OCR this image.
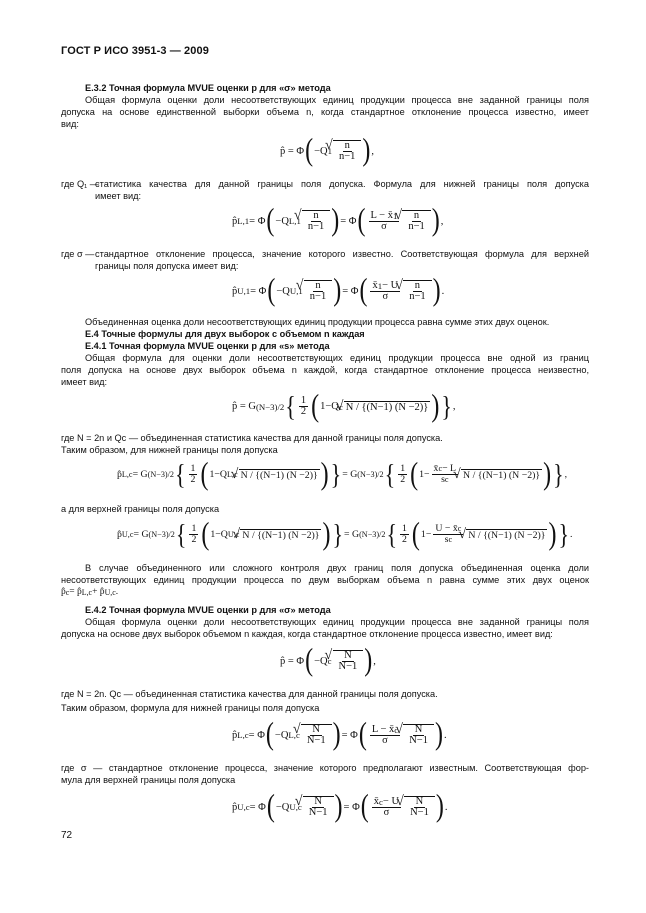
ГОСТ Р ИСО 3951-3 — 2009
E.3.2 Точная формула MVUE оценки p для «σ» метода
Общая формула оценки доли несоответствующих единиц продукции процесса вне заданной границы поля
допуска на основе единственной выборки объема n, когда стандартное отклонение процесса известно, имеет
вид:
p̂ = Φ ( −Q 1 √ n
n−1 ) ,
где Q₁ —
статистика качества для данной границы поля допуска. Формула для нижней границы поля допуска
имеет вид:
p̂ L,1 = Φ ( −Q L,1 √ n
n−1 ) = Φ ( L − x̄ 1
σ
√ n
n−1 ) ,
где σ — стандартное отклонение процесса, значение которого известно. Соответствующая формула для верхней
границы поля допуска имеет вид:
p̂ U,1 = Φ ( −Q U,1 √ n
n−1 ) = Φ ( x̄ 1 − U
σ
√ n
n−1 ) .
Объединенная оценка доли несоответствующих единиц продукции процесса равна сумме этих двух оценок.
E.4 Точные формулы для двух выборок с объемом n каждая
E.4.1 Точная формула MVUE оценки p для «s» метода
Общая формула для оценки доли несоответствующих единиц продукции процесса вне одной из границ
поля допуска на основе двух выборок объема n каждой, когда стандартное отклонение процесса неизвестно,
имеет вид:
p̂ = G (N−3)/2 { 1
2 ( 1−Q c √ N / {(N−1) (N −2)} ) } ,
где N = 2n и Qc — объединенная статистика качества для данной границы поля допуска.
Таким образом, для нижней границы поля допуска
p̂ L,c = G (N−3)/2 { 1
2 ( 1−Q L,c √ N / {(N−1) (N −2)} ) } = G (N−3)/2 { 1
2 ( $1- \frac{x̄ c - L}{\text{s c}}$ √ N / {(N−1) (N −2)} ) } ,
а для верхней границы поля допуска
p̂ U,c = G (N−3)/2 { 1
2 ( 1−Q U,c √ N / {(N−1) (N −2)} ) } = G (N−3)/2 { 1
2 ( $1- \frac{U - x̄ c}{\text{s c}}$ √ N / {(N−1) (N −2)} ) } .
В случае объединенного или сложного контроля двух границ поля допуска объединенная оценка доли
несоответствующих единиц продукции процесса по двум выборкам объема n равна сумме этих двух оценок
p̂ c = p̂ L,c + p̂ U,c .
E.4.2 Точная формула MVUE оценки p для «σ» метода
Общая формула оценки доли несоответствующих единиц продукции процесса вне заданной границы поля
допуска на основе двух выборок объемом n каждая, когда стандартное отклонение процесса известно, имеет вид:
p̂ = Φ ( −Q c √ N
N−1 ) ,
где N = 2n. Qc — объединенная статистика качества для данной границы поля допуска.
Таким образом, формула для нижней границы поля допуска
p̂ L,c = Φ ( −Q L,c √ N
N−1 ) = Φ ( L − x̄ c
σ
√ N
N−1 ) .
где σ — стандартное отклонение процесса, значение которого предполагают известным. Соответствующая фор-
мула для верхней границы поля допуска
p̂ U,c = Φ ( −Q U,c √ N
N−1 ) = Φ ( x̄ c − U
σ
√ N
N−1 ) .
72
